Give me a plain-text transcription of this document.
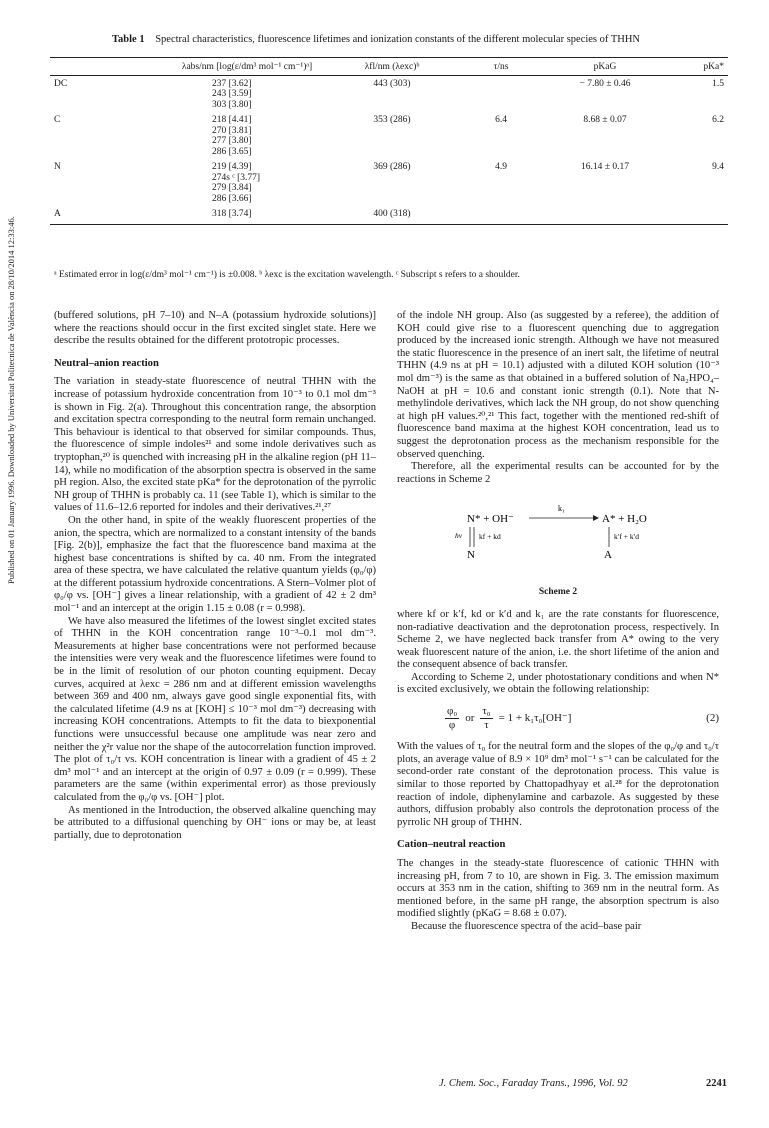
Published on 01 January 1996. Downloaded by Universitat Politecnica de València on 28/10/2014 12:33:46.
Table 1 Spectral characteristics, fluorescence lifetimes and ionization constants of the different molecular species of THHN
	λabs/nm [log(ε/dm³ mol⁻¹ cm⁻¹)ᵃ]	λfl/nm (λexc)ᵇ	τ/ns	pKaG	pKa*

DC	237 [3.62]
243 [3.59]
303 [3.80]	443 (303)		− 7.80 ± 0.46	1.5
C	218 [4.41]
270 [3.81]
277 [3.80]
286 [3.65]	353 (286)	6.4	8.68 ± 0.07	6.2
N	219 [4.39]
274s ᶜ [3.77]
279 [3.84]
286 [3.66]	369 (286)	4.9	16.14 ± 0.17	9.4
A	318 [3.74]	400 (318)			
ᵃ Estimated error in log(ε/dm³ mol⁻¹ cm⁻¹) is ±0.008. ᵇ λexc is the excitation wavelength. ᶜ Subscript s refers to a shoulder.

(buffered solutions, pH 7–10) and N–A (potassium hydroxide solutions)] where the reactions should occur in the first excited singlet state. Here we describe the results obtained for the different prototropic processes.

Neutral–anion reaction

The variation in steady-state fluorescence of neutral THHN with the increase of potassium hydroxide concentration from 10⁻³ to 0.1 mol dm⁻³ is shown in Fig. 2(a). Throughout this concentration range, the absorption and excitation spectra corresponding to the neutral form remain unchanged. This behaviour is identical to that observed for similar compounds. Thus, the fluorescence of simple indoles²¹ and some indole derivatives such as tryptophan,²⁰ is quenched with increasing pH in the alkaline region (pH 11–14), while no modification of the absorption spectra is observed in the same pH region. Also, the excited state pKa* for the deprotonation of the pyrrolic NH group of THHN is probably ca. 11 (see Table 1), which is similar to the values of 11.6–12.6 reported for indoles and their derivatives.²¹,²⁷

On the other hand, in spite of the weakly fluorescent properties of the anion, the spectra, which are normalized to a constant intensity of the bands [Fig. 2(b)], emphasize the fact that the fluorescence band maxima at the highest base concentrations is shifted by ca. 40 nm. From the integrated area of these spectra, we have calculated the relative quantum yields (φ₀/φ) at the different potassium hydroxide concentrations. A Stern–Volmer plot of φ₀/φ vs. [OH⁻] gives a linear relationship, with a gradient of 42 ± 2 dm³ mol⁻¹ and an intercept at the origin 1.15 ± 0.08 (r = 0.998).

We have also measured the lifetimes of the lowest singlet excited states of THHN in the KOH concentration range 10⁻³–0.1 mol dm⁻³. Measurements at higher base concentrations were not performed because the intensities were very weak and the fluorescence lifetimes were found to be in the limit of resolution of our photon counting equipment. Decay curves, acquired at λexc = 286 nm and at different emission wavelengths between 369 and 400 nm, always gave good single exponential fits, with the calculated lifetime (4.9 ns at [KOH] ≤ 10⁻³ mol dm⁻³) decreasing with increasing KOH concentrations. Attempts to fit the data to biexponential functions were unsuccessful because one amplitude was near zero and neither the χ²r value nor the shape of the autocorrelation function improved. The plot of τ₀/τ vs. KOH concentration is linear with a gradient of 45 ± 2 dm³ mol⁻¹ and an intercept at the origin of 0.97 ± 0.09 (r = 0.999). These parameters are the same (within experimental error) as those previously calculated from the φ₀/φ vs. [OH⁻] plot.

As mentioned in the Introduction, the observed alkaline quenching may be attributed to a diffusional quenching by OH⁻ ions or may be, at least partially, due to deprotonation

of the indole NH group. Also (as suggested by a referee), the addition of KOH could give rise to a fluorescent quenching due to aggregation produced by the increased ionic strength. Although we have not measured the static fluorescence in the presence of an inert salt, the lifetime of neutral THHN (4.9 ns at pH = 10.1) adjusted with a diluted KOH solution (10⁻³ mol dm⁻³) is the same as that obtained in a buffered solution of Na₂HPO₄–NaOH at pH = 10.6 and constant ionic strength (0.1). Note that N-methylindole derivatives, which lack the NH group, do not show quenching at high pH values.²⁰,²¹ This fact, together with the mentioned red-shift of fluorescence band maxima at the highest KOH concentration, lead us to suggest the deprotonation process as the mechanism responsible for the observed quenching.

Therefore, all the experimental results can be accounted for by the reactions in Scheme 2

N* + OH⁻
k₁
A* + H₂O
hν kf + kd	k′f + k′d
N	A
Scheme 2

where kf or k′f, kd or k′d and k₁ are the rate constants for fluorescence, non-radiative deactivation and the deprotonation process, respectively. In Scheme 2, we have neglected back transfer from A* owing to the very weak fluorescent nature of the anion, i.e. the short lifetime of the anion and the consequent absence of back transfer.

According to Scheme 2, under photostationary conditions and when N* is excited exclusively, we obtain the following relationship:

$\frac{\text{φ₀}}{\varphi}$ or $\frac{\text{τ₀}}{\tau} = 1 + k_1\tau_0[OH^-]$	(2)

With the values of τ₀ for the neutral form and the slopes of the φ₀/φ and τ₀/τ plots, an average value of 8.9 × 10⁹ dm³ mol⁻¹ s⁻¹ can be calculated for the second-order rate constant of the deprotonation process. This value is similar to those reported by Chattopadhyay et al.²⁸ for the deprotonation reaction of indole, diphenylamine and carbazole. As suggested by these authors, diffusion probably also controls the deprotonation process of the pyrrolic NH group of THHN.

Cation–neutral reaction

The changes in the steady-state fluorescence of cationic THHN with increasing pH, from 7 to 10, are shown in Fig. 3. The emission maximum occurs at 353 nm in the cation, shifting to 369 nm in the neutral form. As mentioned before, in the same pH range, the absorption spectrum is also modified slightly (pKaG = 8.68 ± 0.07).

Because the fluorescence spectra of the acid–base pair

J. Chem. Soc., Faraday Trans., 1996, Vol. 92	2241
